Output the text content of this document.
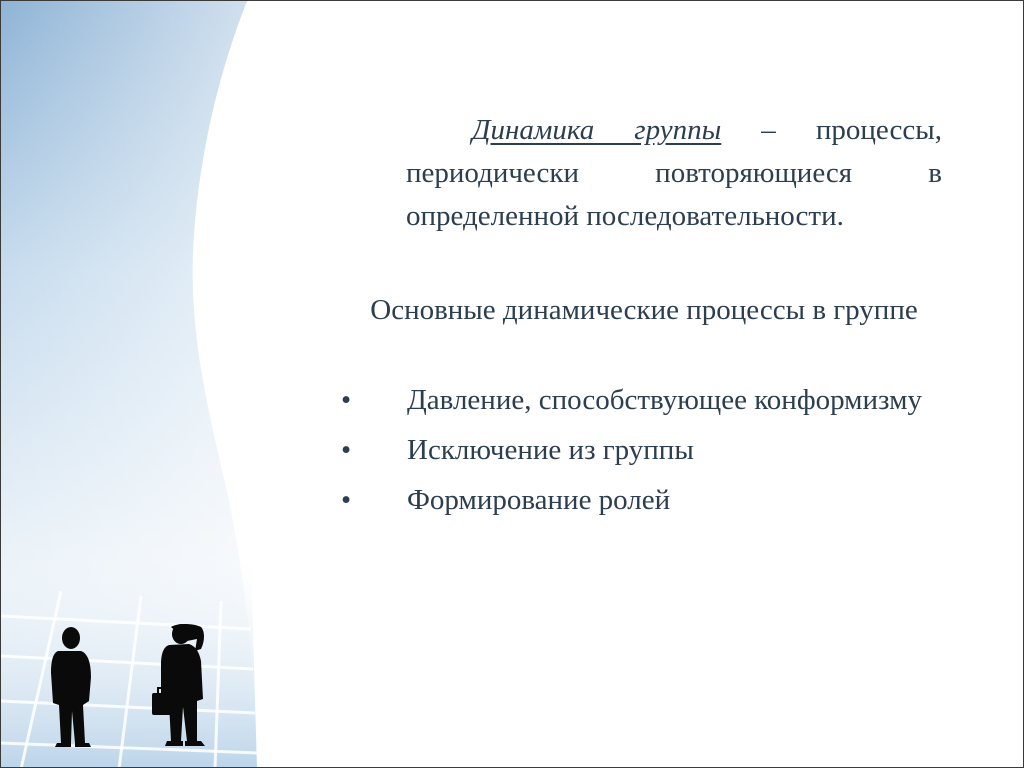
Динамика группы – процессы, периодически повторяющиеся в определенной последовательности.

Основные динамические процессы в группе
•	Давление, способствующее конформизму
•	Исключение из группы
•	Формирование ролей
